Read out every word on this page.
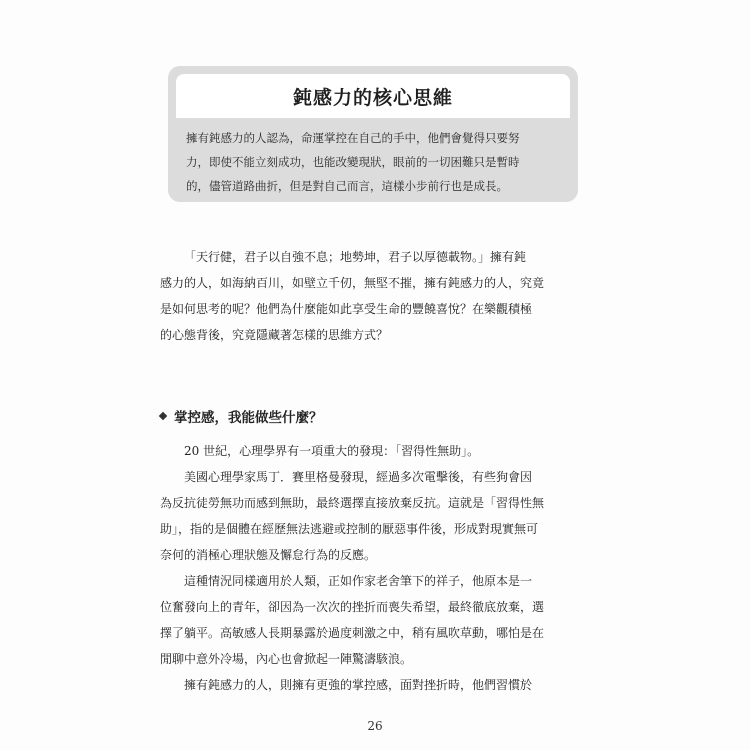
鈍感力的核心思維
擁有鈍感力的人認為，命運掌控在自己的手中，他們會覺得只要努
力，即使不能立刻成功，也能改變現狀，眼前的一切困難只是暫時
的，儘管道路曲折，但是對自己而言，這樣小步前行也是成長。
「天行健，君子以自強不息；地勢坤，君子以厚德載物。」擁有鈍
感力的人，如海納百川，如壁立千仞，無堅不摧，擁有鈍感力的人，究竟
是如何思考的呢？他們為什麼能如此享受生命的豐饒喜悅？在樂觀積極
的心態背後，究竟隱藏著怎樣的思維方式？
掌控感，我能做些什麼？
20 世紀，心理學界有一項重大的發現：「習得性無助」。
美國心理學家馬丁．賽里格曼發現，經過多次電擊後，有些狗會因
為反抗徒勞無功而感到無助，最終選擇直接放棄反抗。這就是「習得性無
助」，指的是個體在經歷無法逃避或控制的厭惡事件後，形成對現實無可
奈何的消極心理狀態及懈怠行為的反應。
這種情況同樣適用於人類，正如作家老舍筆下的祥子，他原本是一
位奮發向上的青年，卻因為一次次的挫折而喪失希望，最終徹底放棄，選
擇了躺平。高敏感人長期暴露於過度刺激之中，稍有風吹草動，哪怕是在
閒聊中意外冷場，內心也會掀起一陣驚濤駭浪。
擁有鈍感力的人，則擁有更強的掌控感，面對挫折時，他們習慣於
26
